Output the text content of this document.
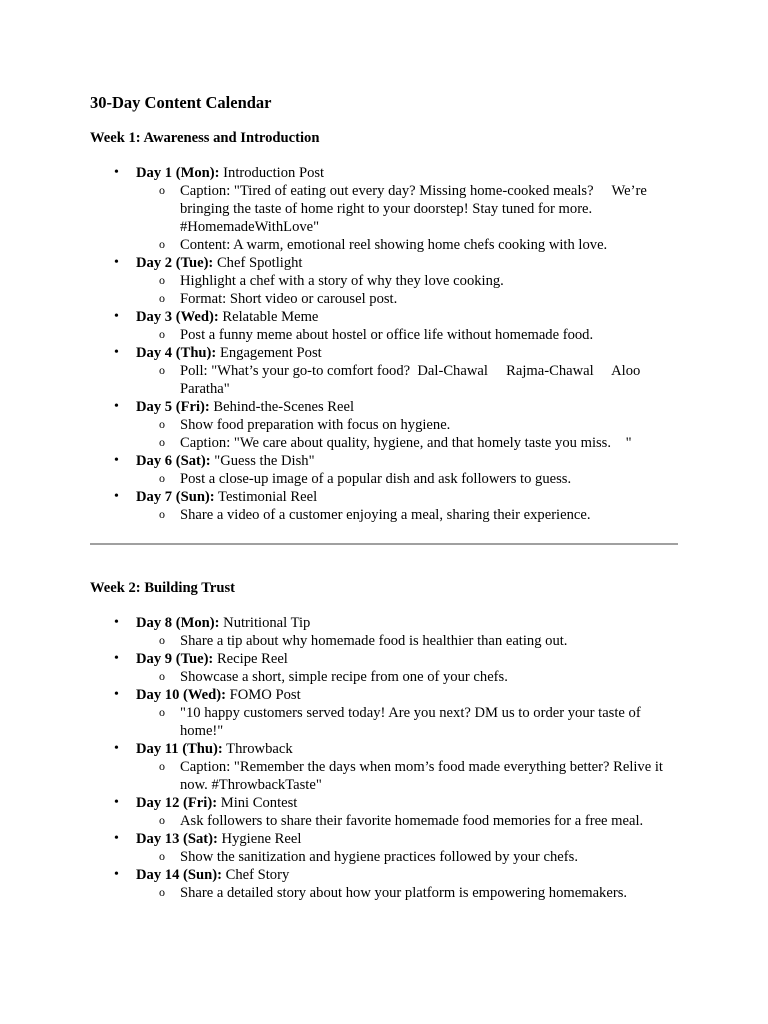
30-Day Content Calendar
Week 1: Awareness and Introduction
• Day 1 (Mon): Introduction Post
o Caption: "Tired of eating out every day? Missing home-cooked meals?     We’re bringing the taste of home right to your doorstep! Stay tuned for more. #HomemadeWithLove"
o Content: A warm, emotional reel showing home chefs cooking with love.
• Day 2 (Tue): Chef Spotlight
o Highlight a chef with a story of why they love cooking.
o Format: Short video or carousel post.
• Day 3 (Wed): Relatable Meme
o Post a funny meme about hostel or office life without homemade food.
• Day 4 (Thu): Engagement Post
o Poll: "What’s your go-to comfort food?  Dal-Chawal     Rajma-Chawal     Aloo Paratha"
• Day 5 (Fri): Behind-the-Scenes Reel
o Show food preparation with focus on hygiene.
o Caption: "We care about quality, hygiene, and that homely taste you miss.    "
• Day 6 (Sat): "Guess the Dish"
o Post a close-up image of a popular dish and ask followers to guess.
• Day 7 (Sun): Testimonial Reel
o Share a video of a customer enjoying a meal, sharing their experience.
Week 2: Building Trust
• Day 8 (Mon): Nutritional Tip
o Share a tip about why homemade food is healthier than eating out.
• Day 9 (Tue): Recipe Reel
o Showcase a short, simple recipe from one of your chefs.
• Day 10 (Wed): FOMO Post
o "10 happy customers served today! Are you next? DM us to order your taste of home!"
• Day 11 (Thu): Throwback
o Caption: "Remember the days when mom’s food made everything better? Relive it now. #ThrowbackTaste"
• Day 12 (Fri): Mini Contest
o Ask followers to share their favorite homemade food memories for a free meal.
• Day 13 (Sat): Hygiene Reel
o Show the sanitization and hygiene practices followed by your chefs.
• Day 14 (Sun): Chef Story
o Share a detailed story about how your platform is empowering homemakers.
